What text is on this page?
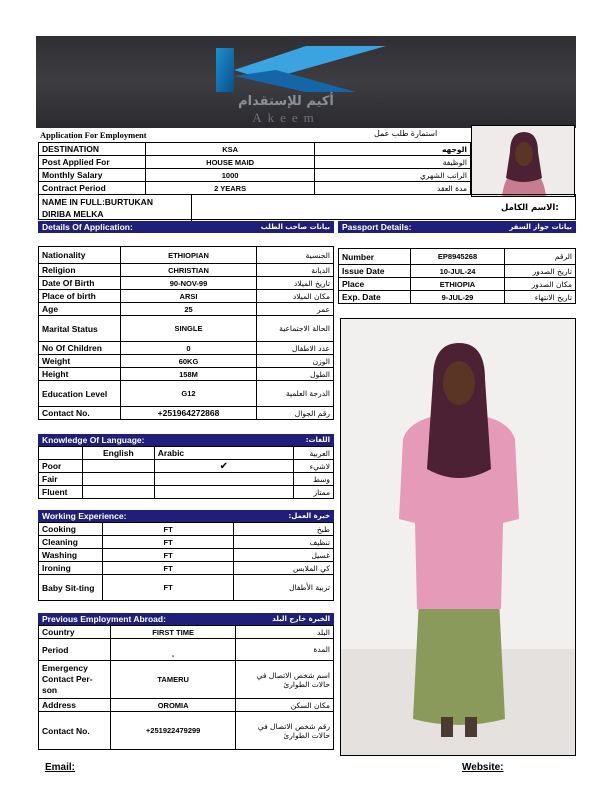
أكيم للإستقدام
Akeem
Application For Employment	استمارة طلب عمل
DESTINATION	KSA	الوجهه
Post Applied For	HOUSE MAID	الوظيفة
Monthly Salary	1000	الراتب الشهري
Contract Period	2 YEARS	مدة العقد
NAME IN FULL:BURTUKAN
DIRIBA MELKA
الاسم الكامل:
Details Of Application:	بيانات صاحب الطلب Passport Details:	بيانات جواز السفر
Nationality	ETHIOPIAN	الجنسية
Religion	CHRISTIAN	الديانة
Date Of Birth	90-NOV-99	تاريخ الميلاد
Place of birth	ARSI	مكان الميلاد
Age	25	عمر
Marital Status	SINGLE	الحالة الاجتماعية
No Of Children	0	عدد الاطفال
Weight	60KG	الوزن
Height	158M	الطول
Education Level	G12	الدرجة العلمية
Contact No.	+251964272868	رقم الجوال
Number	EP8945268	الرقم
Issue Date	10-JUL-24	تاريخ الصدور
Place	ETHIOPIA	مكان الصدور
Exp. Date	9-JUL-29	تاريخ الانتهاء
Knowledge Of Language:	اللغات:
	English	Arabic	العربية
Poor		✔	لاشيء
Fair			وسط
Fluent			ممتاز
Working Experience:	خبرة العمل:
Cooking	FT	طبخ
Cleaning	FT	تنظيف
Washing	FT	غسيل
Ironing	FT	كي الملابس
Baby Sit-ting	FT	تربية الأطفال
Previous Employment Abroad:	الخبرة خارج البلد
Country	FIRST TIME	البلد
Period	-	المدة
Emergency Contact Per-son	TAMERU	اسم شخص الاتصال في حالات الطوارئ
Address	OROMIA	مكان السكن
Contact No.	+251922479299	رقم شخص الاتصال في حالات الطوارئ
Email:	Website:
